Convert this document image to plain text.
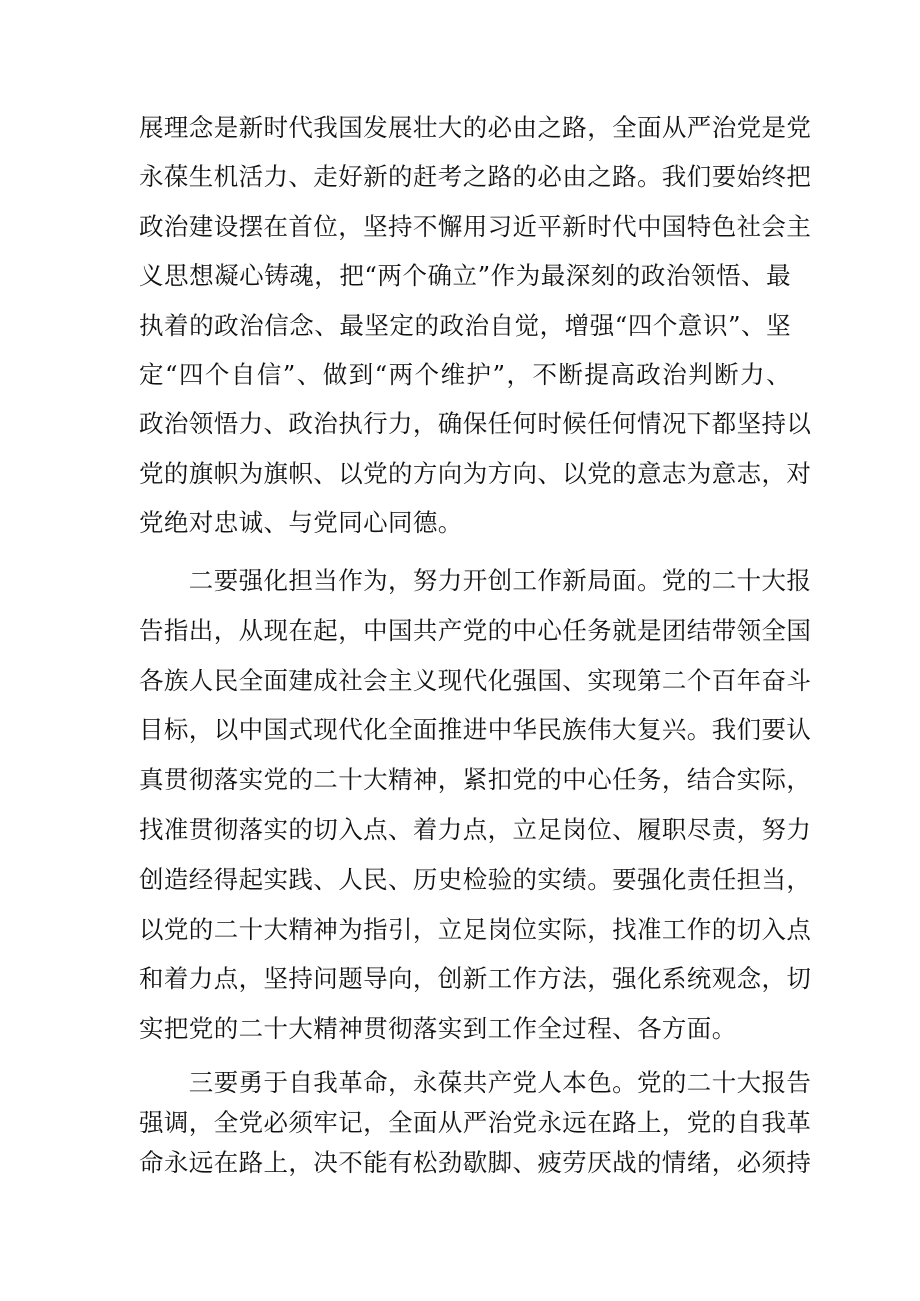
展理念是新时代我国发展壮大的必由之路，全面从严治党是党
永葆生机活力、走好新的赶考之路的必由之路。我们要始终把
政治建设摆在首位，坚持不懈用习近平新时代中国特色社会主
义思想凝心铸魂，把“两个确立”作为最深刻的政治领悟、最
执着的政治信念、最坚定的政治自觉，增强“四个意识”、坚
定“四个自信”、做到“两个维护”，不断提高政治判断力、
政治领悟力、政治执行力，确保任何时候任何情况下都坚持以
党的旗帜为旗帜、以党的方向为方向、以党的意志为意志，对
党绝对忠诚、与党同心同德。
　　二要强化担当作为，努力开创工作新局面。党的二十大报
告指出，从现在起，中国共产党的中心任务就是团结带领全国
各族人民全面建成社会主义现代化强国、实现第二个百年奋斗
目标，以中国式现代化全面推进中华民族伟大复兴。我们要认
真贯彻落实党的二十大精神，紧扣党的中心任务，结合实际，
找准贯彻落实的切入点、着力点，立足岗位、履职尽责，努力
创造经得起实践、人民、历史检验的实绩。要强化责任担当，
以党的二十大精神为指引，立足岗位实际，找准工作的切入点
和着力点，坚持问题导向，创新工作方法，强化系统观念，切
实把党的二十大精神贯彻落实到工作全过程、各方面。
　　三要勇于自我革命，永葆共产党人本色。党的二十大报告
强调，全党必须牢记，全面从严治党永远在路上，党的自我革
命永远在路上，决不能有松劲歇脚、疲劳厌战的情绪，必须持
